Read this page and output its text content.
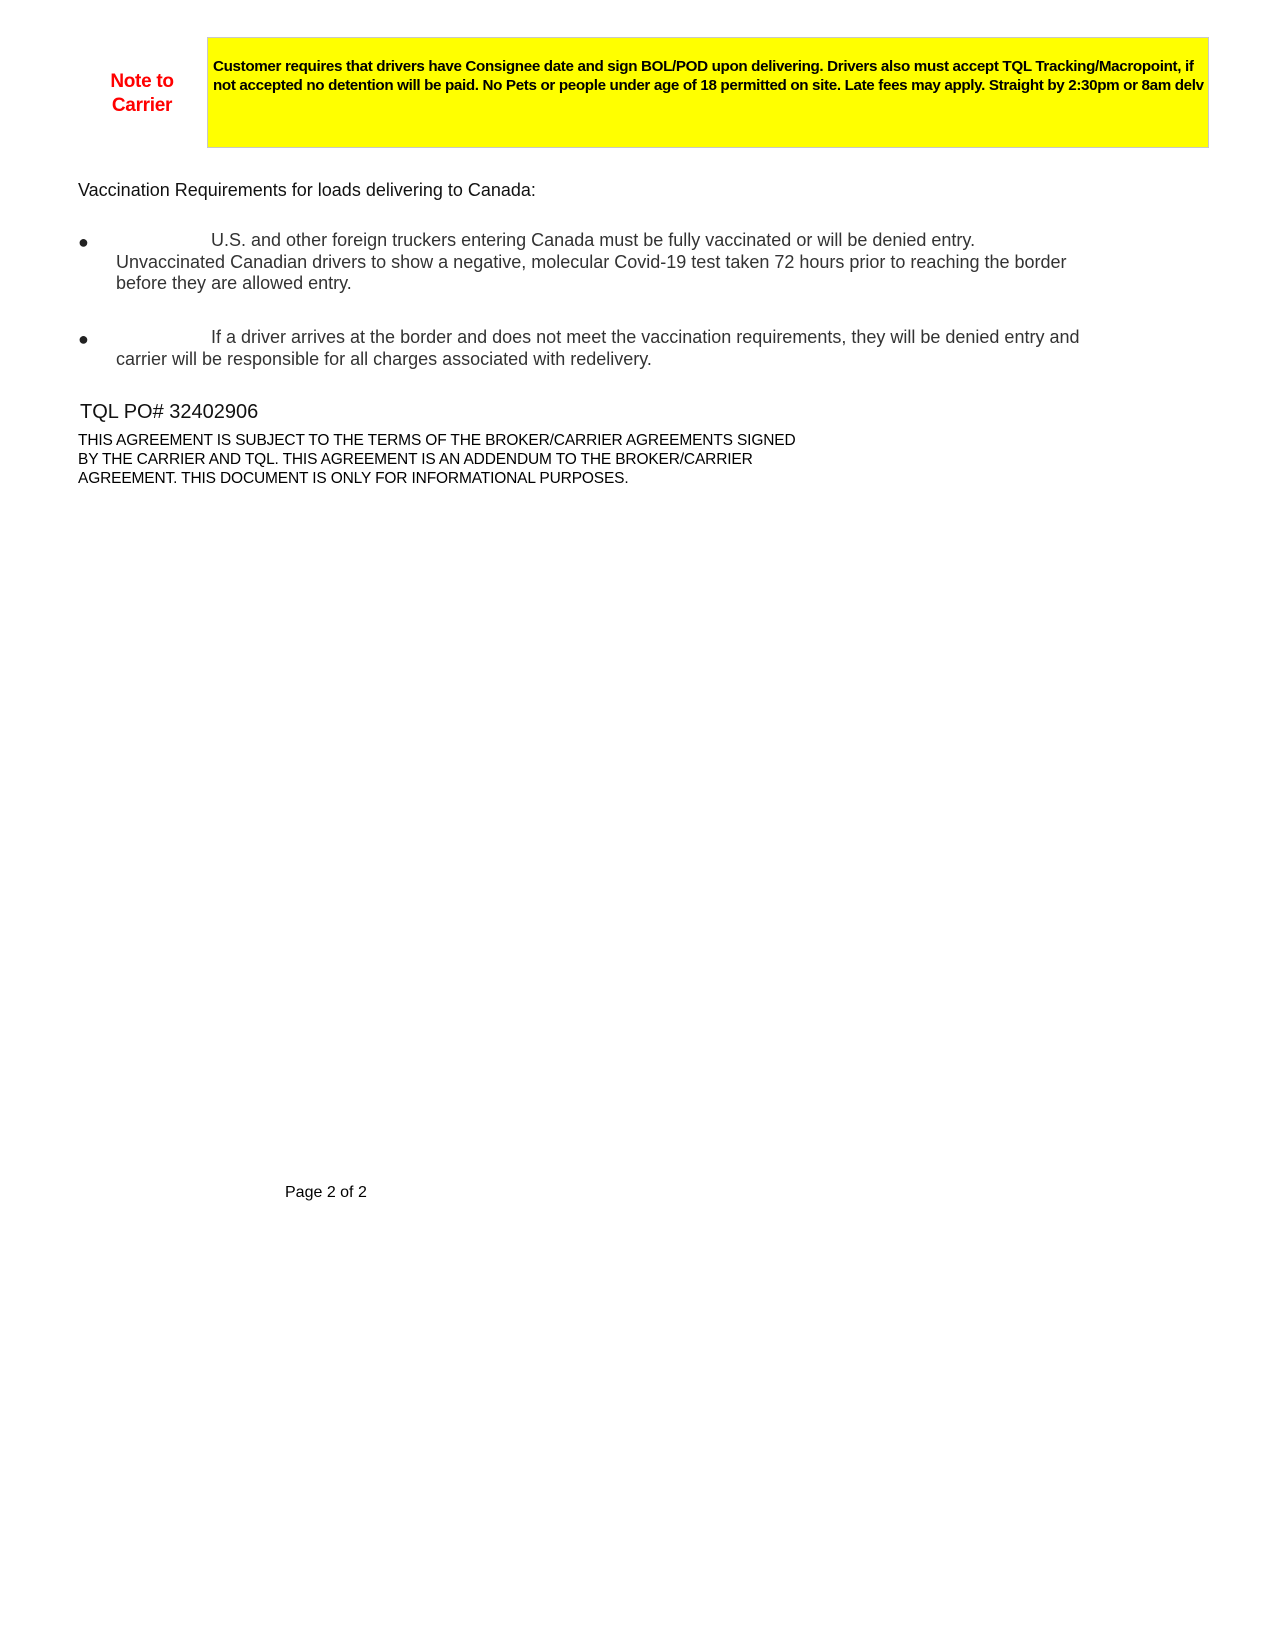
Note to
Carrier
Customer requires that drivers have Consignee date and sign BOL/POD upon delivering. Drivers also must accept TQL Tracking/Macropoint, if not accepted no detention will be paid. No Pets or people under age of 18 permitted on site. Late fees may apply. Straight by 2:30pm or 8am delv
Vaccination Requirements for loads delivering to Canada:
●	U.S. and other foreign truckers entering Canada must be fully vaccinated or will be denied entry. Unvaccinated Canadian drivers to show a negative, molecular Covid-19 test taken 72 hours prior to reaching the border before they are allowed entry.
●	If a driver arrives at the border and does not meet the vaccination requirements, they will be denied entry and carrier will be responsible for all charges associated with redelivery.
TQL PO# 32402906
THIS AGREEMENT IS SUBJECT TO THE TERMS OF THE BROKER/CARRIER AGREEMENTS SIGNED BY THE CARRIER AND TQL. THIS AGREEMENT IS AN ADDENDUM TO THE BROKER/CARRIER AGREEMENT. THIS DOCUMENT IS ONLY FOR INFORMATIONAL PURPOSES.
Page 2 of 2
